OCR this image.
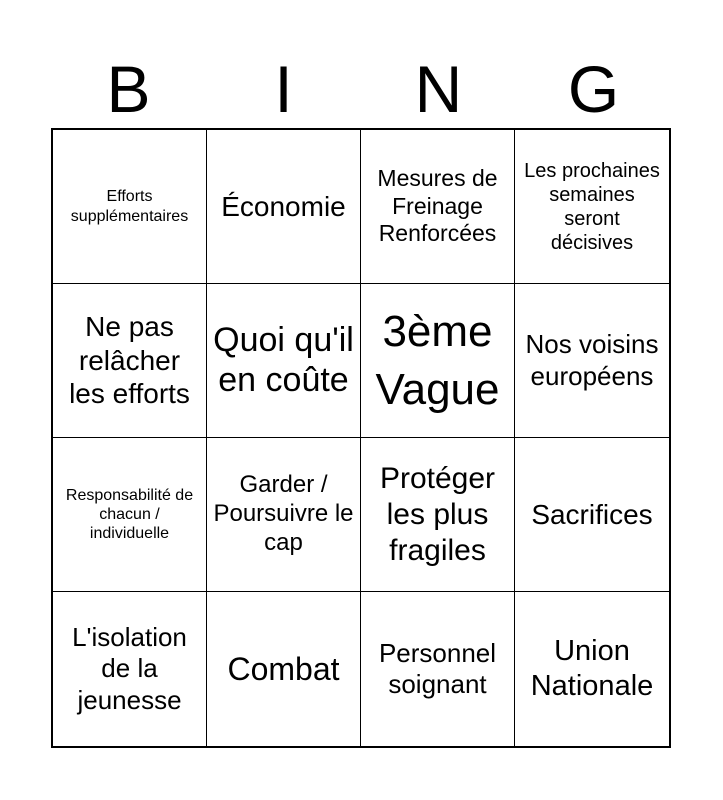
B	I	N	G
Efforts supplémentaires	Économie
Mesures de Freinage Renforcées
Les prochaines semaines seront décisives
Ne pas relâcher les efforts
Quoi qu'il en coûte
3ème Vague
Nos voisins européens
Responsabilité de chacun / individuelle
Garder / Poursuivre le cap
Protéger les plus fragiles
Sacrifices
L'isolation de la jeunesse
Combat	Personnel soignant
Union Nationale
